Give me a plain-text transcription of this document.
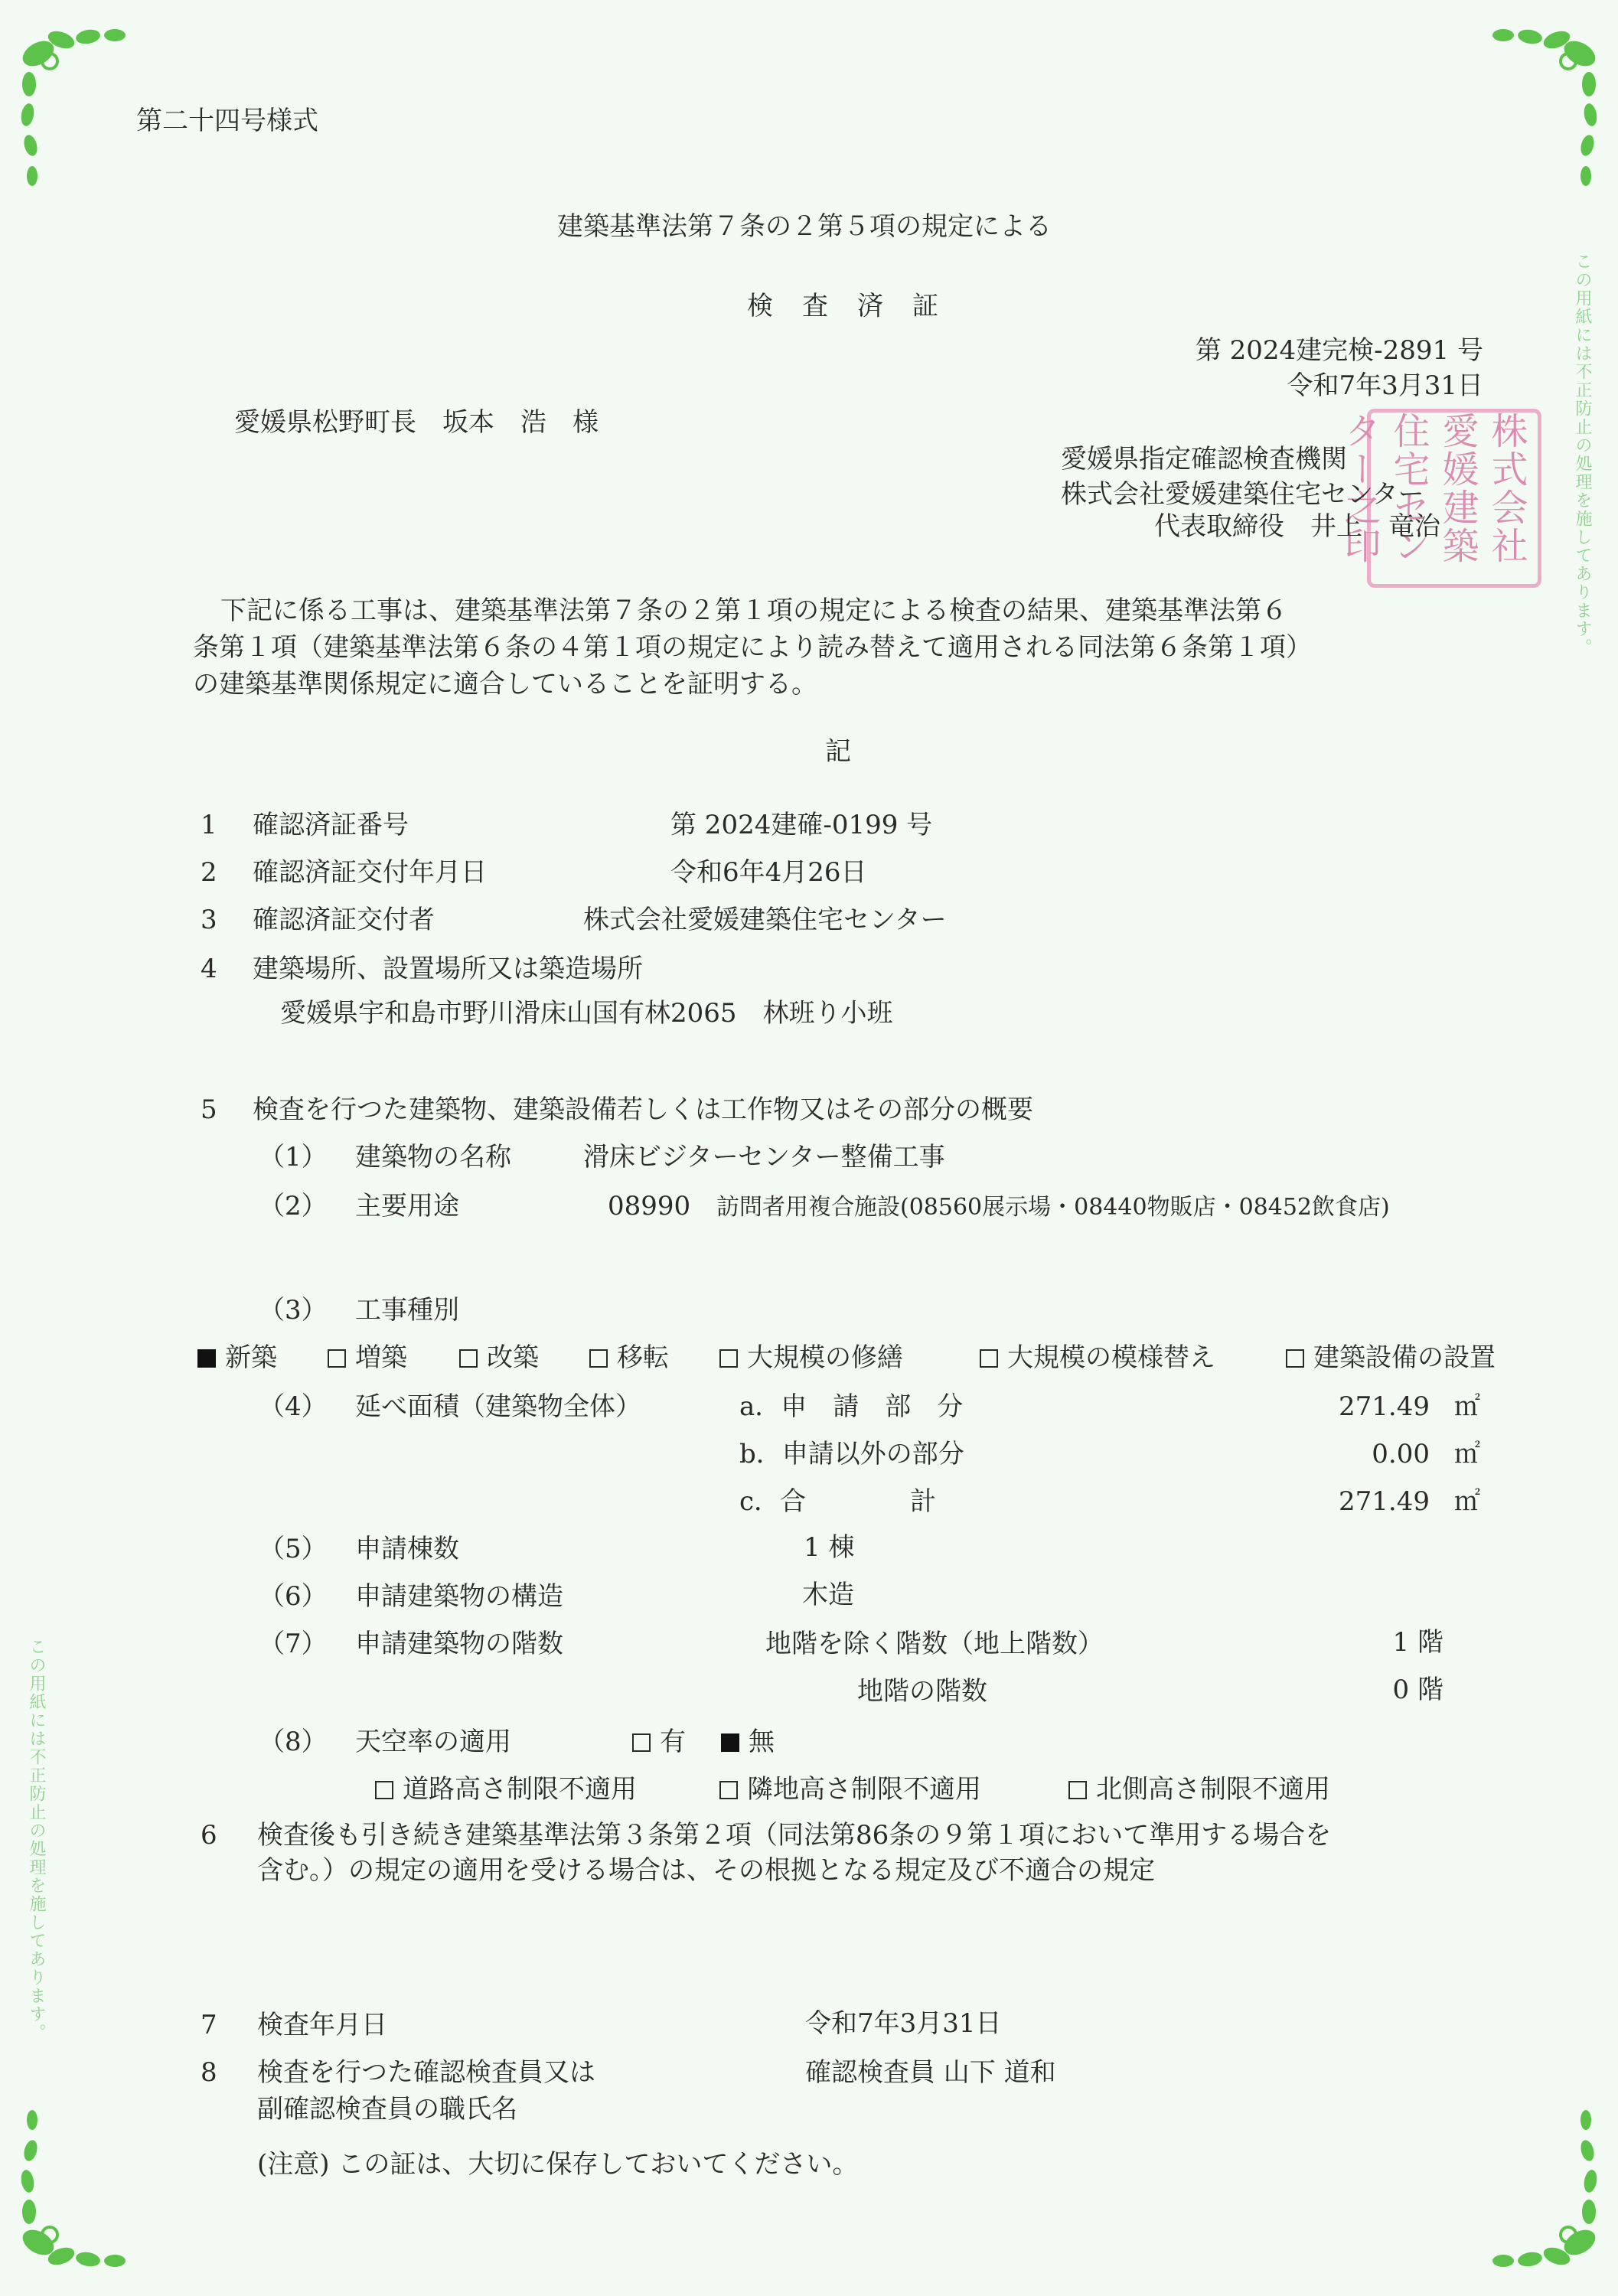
この用紙には不正防止の処理を施してあります。
この用紙には不正防止の処理を施してあります。
第二十四号様式
建築基準法第７条の２第５項の規定による
検　査　済　証
第 2024建完検-2891 号
令和7年3月31日
愛媛県松野町長　坂本　浩　様	株式会社愛媛建築住宅センター之印
愛媛県指定確認検査機関
株式会社愛媛建築住宅センター
代表取締役　井上　竜治
下記に係る工事は、建築基準法第７条の２第１項の規定による検査の結果、建築基準法第６
条第１項（建築基準法第６条の４第１項の規定により読み替えて適用される同法第６条第１項）
の建築基準関係規定に適合していることを証明する。
記
1 確認済証番号	第 2024建確-0199 号
2 確認済証交付年月日	令和6年4月26日
3 確認済証交付者	株式会社愛媛建築住宅センター
4 建築場所、設置場所又は築造場所
愛媛県宇和島市野川滑床山国有林2065　林班り小班
5 検査を行つた建築物、建築設備若しくは工作物又はその部分の概要
（1） 建築物の名称	滑床ビジターセンター整備工事
（2） 主要用途	08990 訪問者用複合施設(08560展示場・08440物販店・08452飲食店)
（3） 工事種別
新築	増築	改築	移転	大規模の修繕	大規模の模様替え	建築設備の設置
（4） 延べ面積（建築物全体）	a．申　請　部　分	271.49 ㎡
b．申請以外の部分	0.00 ㎡
c．合　　　　計	271.49 ㎡
（5） 申請棟数	1 棟
（6） 申請建築物の構造	木造
（7） 申請建築物の階数	地階を除く階数（地上階数）	1 階
地階の階数	0 階
（8） 天空率の適用	有	無
道路高さ制限不適用	隣地高さ制限不適用	北側高さ制限不適用
6 検査後も引き続き建築基準法第３条第２項（同法第86条の９第１項において準用する場合を
含む。）の規定の適用を受ける場合は、その根拠となる規定及び不適合の規定
7 検査年月日	令和7年3月31日
8 検査を行つた確認検査員又は
副確認検査員の職氏名
確認検査員 山下 道和
(注意) この証は、大切に保存しておいてください。
